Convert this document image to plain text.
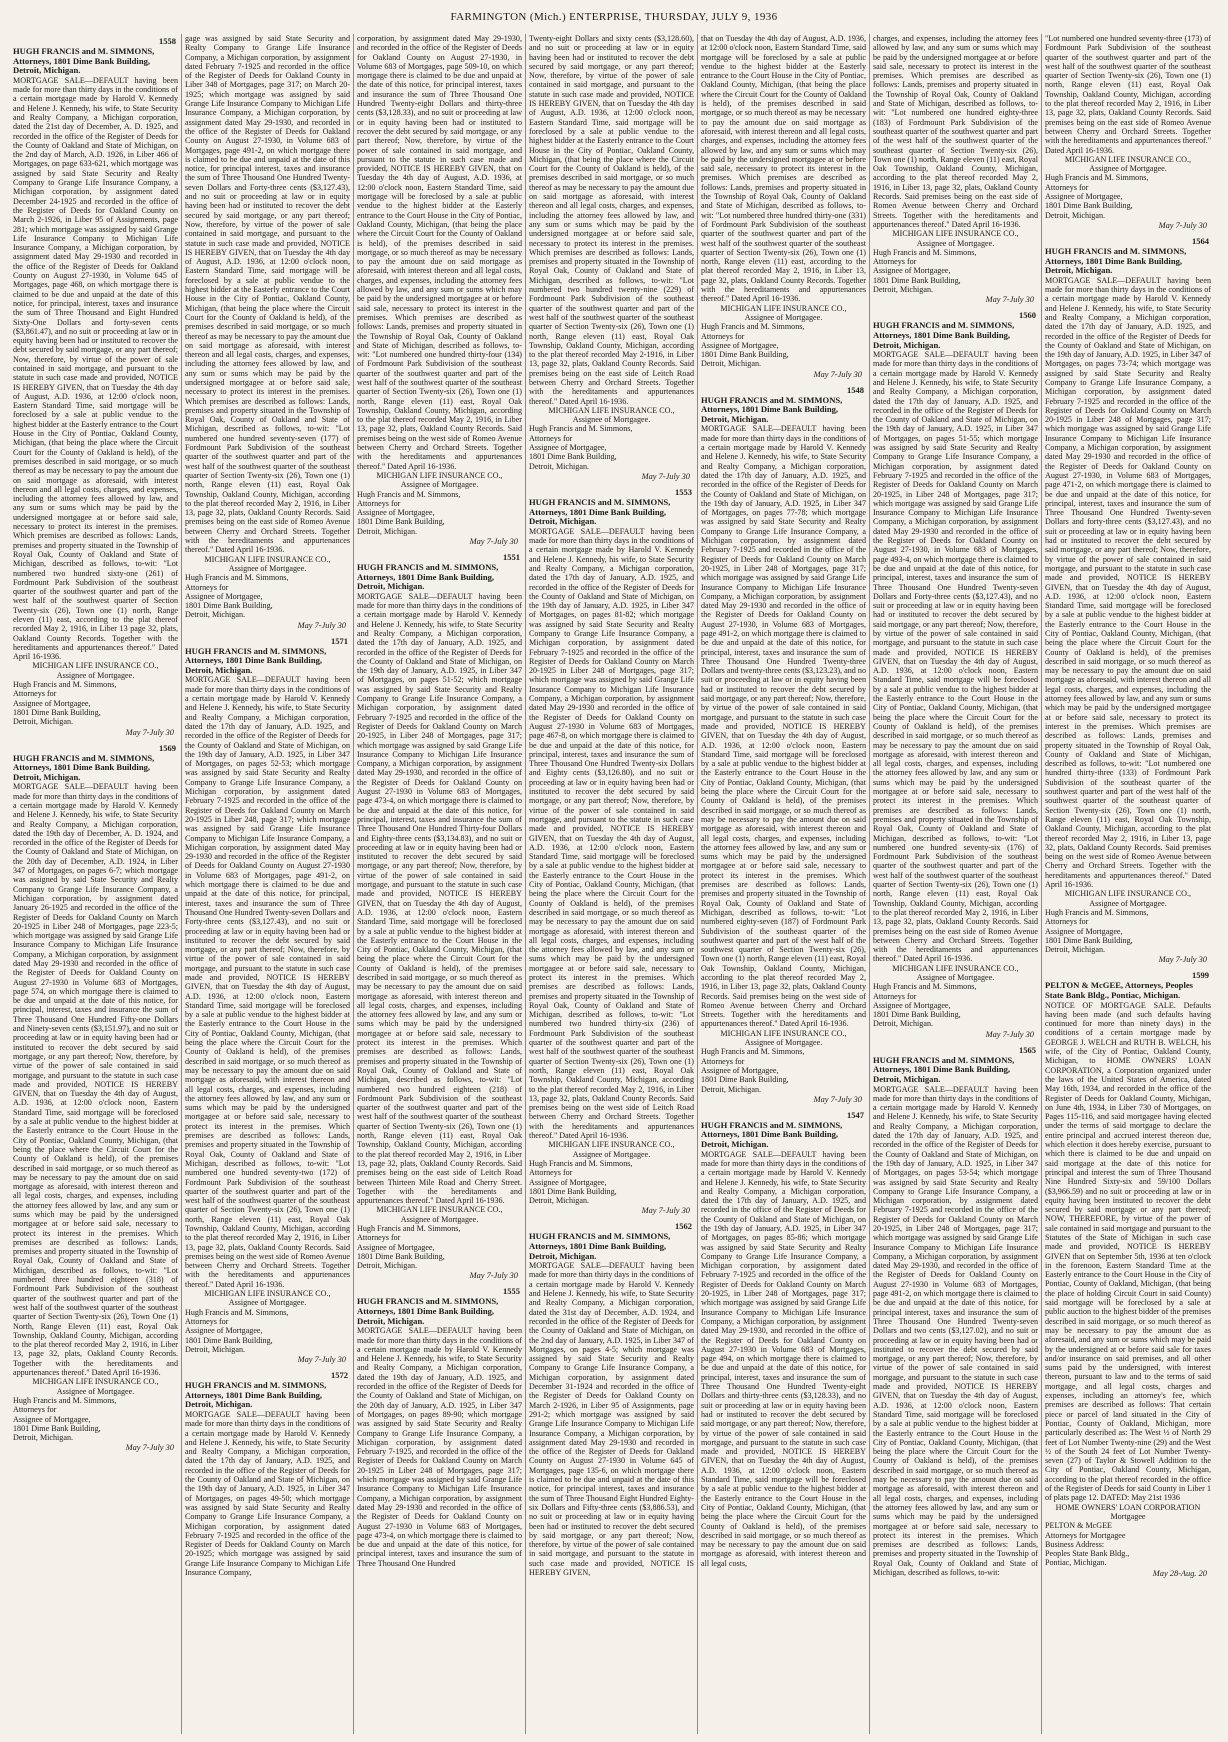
FARMINGTON (Mich.) ENTERPRISE, THURSDAY, JULY 9, 1936
1558

HUGH FRANCIS and M. SIMMONS, Attorneys, 1801 Dime Bank Building, Detroit, Michigan.

MORTGAGE SALE—DEFAULT having been made for more than thirty days in the conditions of a certain mortgage made by Harold V. Kennedy and Helene J. Kennedy, his wife, to State Security and Realty Company, a Michigan corporation, dated the 21st day of December, A. D. 1925, and recorded in the office of the Register of Deeds for the County of Oakland and State of Michigan, on the 2nd day of March, A.D. 1926, in Liber 466 of Mortgages, on page 633-621, which mortgage was assigned by said State Security and Realty Company to Grange Life Insurance Company, a Michigan corporation, by assignment dated December 24-1925 and recorded in the office of the Register of Deeds for Oakland County on March 2-1926, in Liber 95 of Assignments, page 281; which mortgage was assigned by said Grange Life Insurance Company to Michigan Life Insurance Company, a Michigan corporation, by assignment dated May 29-1930 and recorded in the office of the Register of Deeds for Oakland County on August 27-1930, in Volume 645 of Mortgages, page 468, on which mortgage there is claimed to be due and unpaid at the date of this notice, for principal, interest, taxes and insurance the sum of Three Thousand and Eight Hundred Sixty-One Dollars and forty-seven cents ($3,861.47), and no suit or proceeding at law or in equity having been had or instituted to recover the debt secured by said mortgage, or any part thereof; Now, therefore, by virtue of the power of sale contained in said mortgage, and pursuant to the statute in such case made and provided, NOTICE IS HEREBY GIVEN, that on Tuesday the 4th day of August, A.D. 1936, at 12:00 o'clock noon, Eastern Standard Time, said mortgage will be foreclosed by a sale at public vendue to the highest bidder at the Easterly entrance to the Court House in the City of Pontiac, Oakland County, Michigan, (that being the place where the Circuit Court for the County of Oakland is held), of the premises described in said mortgage, or so much thereof as may be necessary to pay the amount due on said mortgage as aforesaid, with interest thereon and all legal costs, charges, and expenses, including the attorney fees allowed by law, and any sum or sums which may be paid by the undersigned mortgagee at or before said sale, necessary to protect its interest in the premises. Which premises are described as follows: Lands, premises and property situated in the Township of Royal Oak, County of Oakland and State of Michigan, described as follows, to-wit: "Lot numbered two hundred sixty-one (261) of Fordmount Park Subdivision of the southeast quarter of the southwest quarter and part of the west half of the southwest quarter of Section Twenty-six (26), Town one (1) north, Range eleven (11) east, according to the plat thereof recorded May 2, 1916, in Liber 13 page 32, plats, Oakland County Records. Together with the hereditaments and appurtenances thereof." Dated April 16-1936.

MICHIGAN LIFE INSURANCE CO.,

Assignee of Mortgagee.

Hugh Francis and M. Simmons,

Attorneys for

Assignee of Mortgagee,

1801 Dime Bank Building,

Detroit, Michigan.

May 7-July 30
1569

HUGH FRANCIS and M. SIMMONS, Attorneys, 1801 Dime Bank Building, Detroit, Michigan.

MORTGAGE SALE—DEFAULT having been made for more than thirty days in the conditions of a certain mortgage made by Harold V. Kennedy and Helene J. Kennedy, his wife, to State Security and Realty Company, a Michigan corporation, dated the 19th day of December, A. D. 1924, and recorded in the office of the Register of Deeds for the County of Oakland and State of Michigan, on the 20th day of December, A.D. 1924, in Liber 347 of Mortgages, on pages 6-7; which mortgage was assigned by said State Security and Realty Company to Grange Life Insurance Company, a Michigan corporation, by assignment dated January 26-1925 and recorded in the office of the Register of Deeds for Oakland County on March 20-1925 in Liber 248 of Mortgages, page 223-5; which mortgage was assigned by said Grange Life Insurance Company to Michigan Life Insurance Company, a Michigan corporation, by assignment dated May 29-1930 and recorded in the office of the Register of Deeds for Oakland County on August 27-1930 in Volume 683 of Mortgages, page 574, on which mortgage there is claimed to be due and unpaid at the date of this notice, for principal, interest, taxes and insurance the sum of Three Thousand One Hundred Fifty-one Dollars and Ninety-seven cents ($3,151.97), and no suit or proceeding at law or in equity having been had or instituted to recover the debt secured by said mortgage, or any part thereof; Now, therefore, by virtue of the power of sale contained in said mortgage, and pursuant to the statute in such case made and provided, NOTICE IS HEREBY GIVEN, that on Tuesday the 4th day of August, A.D. 1936, at 12:00 o'clock noon, Eastern Standard Time, said mortgage will be foreclosed by a sale at public vendue to the highest bidder at the Easterly entrance to the Court House in the City of Pontiac, Oakland County, Michigan, (that being the place where the Circuit Court for the County of Oakland is held), of the premises described in said mortgage, or so much thereof as may be necessary to pay the amount due on said mortgage as aforesaid, with interest thereon and all legal costs, charges, and expenses, including the attorney fees allowed by law, and any sum or sums which may be paid by the undersigned mortgagee at or before said sale, necessary to protect its interest in the premises. Which premises are described as follows: Lands, premises and property situated in the Township of Royal Oak, County of Oakland and State of Michigan, described as follows, to-wit: "Lot numbered three hundred eighteen (318) of Fordmount Park Subdivision of the southeast quarter of the southwest quarter and part of the west half of the southwest quarter of the southeast quarter of Section Twenty-six (26), Town One (1) North, Range Eleven (11) east, Royal Oak Township, Oakland County, Michigan, according to the plat thereof recorded May 2, 1916, in Liber 13, page 32, plats, Oakland County Records. Together with the hereditaments and appurtenances thereof." Dated April 16-1936.

MICHIGAN LIFE INSURANCE CO.,

Assignee of Mortgagee.

Hugh Francis and M. Simmons,

Attorneys for

Assignee of Mortgagee,

1801 Dime Bank Building,

Detroit, Michigan.

May 7-July 30

gage was assigned by said State Security and Realty Company to Grange Life Insurance Company, a Michigan corporation, by assignment dated February 7-1925 and recorded in the office of the Register of Deeds for Oakland County in Liber 348 of Mortgages, page 317; on March 20-1925; which mortgage was assigned by said Grange Life Insurance Company to Michigan Life Insurance Company, a Michigan corporation, by assignment dated May 29-1930, and recorded in the office of the Register of Deeds for Oakland County on August 27-1930, in Volume 683 of Mortgages, page 491-2, on which mortgage there is claimed to be due and unpaid at the date of this notice, for principal interest, taxes and insurance the sum of Three Thousand One Hundred Twenty-seven Dollars and Forty-three cents ($3,127.43), and no suit or proceeding at law or in equity having been had or instituted to recover the debt secured by said mortgage, or any part thereof; Now, therefore, by virtue of the power of sale contained in said mortgage, and pursuant to the statute in such case made and provided, NOTICE IS HEREBY GIVEN, that on Tuesday the 4th day of August, A.D. 1936, at 12:00 o'clock noon, Eastern Standard Time, said mortgage will be foreclosed by a sale at public vendue to the highest bidder at the Easterly entrance to the Court House in the City of Pontiac, Oakland County, Michigan, (that being the place where the Circuit Court for the County of Oakland is held), of the premises described in said mortgage, or so much thereof as may be necessary to pay the amount due on said mortgage as aforesaid, with interest thereon and all legal costs, charges, and expenses, including the attorney fees allowed by law, and any sum or sums which may be paid by the undersigned mortgagee at or before said sale, necessary to protect its interest in the premises. Which premises are described as follows: Lands, premises and property situated in the Township of Royal Oak, County of Oakland and State of Michigan, described as follows, to-wit: "Lot numbered one hundred seventy-seven (177) of Fordmount Park Subdivision of the southeast quarter of the southwest quarter and part of the west half of the southwest quarter of the southeast quarter of Section Twenty-six (26), Town one (1) north, Range eleven (11) east, Royal Oak Township, Oakland County, Michigan, according to the plat thereof recorded May 2, 1916, in Liber 13, page 32, plats, Oakland County Records. Said premises being on the east side of Romeo Avenue between Cherry and Orchard Streets. Together with the hereditaments and appurtenances thereof." Dated April 16-1936.

MICHIGAN LIFE INSURANCE CO.,

Assignee of Mortgagee.

Hugh Francis and M. Simmons,

Attorneys for

Assignee of Mortgagee,

1801 Dime Bank Building,

Detroit, Michigan.

May 7-July 30
1571

HUGH FRANCIS and M. SIMMONS, Attorneys, 1801 Dime Bank Building, Detroit, Michigan.

MORTGAGE SALE—DEFAULT having been made for more than thirty days in the conditions of a certain mortgage made by Harold V. Kennedy and Helene J. Kennedy, his wife, to State Security and Realty Company, a Michigan corporation, dated the 17th day of January, A.D. 1925, and recorded in the office of the Register of Deeds for the County of Oakland and State of Michigan, on the 19th day of January, A.D. 1925, in Liber 347 of Mortgages, on pages 52-53; which mortgage was assigned by said State Security and Realty Company to Grange Life Insurance Company, a Michigan corporation, by assignment dated February 7-1925 and recorded in the office of the Register of Deeds for Oakland County on March 20-1925 in Liber 248, page 317; which mortgage was assigned by said Grange Life Insurance Company to Michigan Life Insurance Company, a Michigan corporation, by assignment dated May 29-1930 and recorded in the office of the Register of Deeds for Oakland County on August 27-1930 in Volume 683 of Mortgages, page 491-2, on which mortgage there is claimed to be due and unpaid at the date of this notice, for principal, interest, taxes and insurance the sum of Three Thousand One Hundred Twenty-seven Dollars and Forty-three cents ($3,127.43), and no suit or proceeding at law or in equity having been had or instituted to recover the debt secured by said mortgage, or any part thereof; Now, therefore, by virtue of the power of sale contained in said mortgage, and pursuant to the statute in such case made and provided, NOTICE IS HEREBY GIVEN, that on Tuesday the 4th day of August, A.D. 1936, at 12:00 o'clock noon, Eastern Standard Time, said mortgage will be foreclosed by a sale at public vendue to the highest bidder at the Easterly entrance to the Court House in the City of Pontiac, Oakland County, Michigan, (that being the place where the Circuit Court for the County of Oakland is held), of the premises described in said mortgage, or so much thereof as may be necessary to pay the amount due on said mortgage as aforesaid, with interest thereon and all legal costs, charges, and expenses, including the attorney fees allowed by law, and any sum or sums which may be paid by the undersigned mortgagee at or before said sale, necessary to protect its interest in the premises. Which premises are described as follows: Lands, premises and property situated in the Township of Royal Oak, County of Oakland and State of Michigan, described as follows, to-wit: "Lot numbered one hundred seventy-two (172) of Fordmount Park Subdivision of the southeast quarter of the southwest quarter and part of the west half of the southwest quarter of the southeast quarter of Section Twenty-six (26), Town one (1) north, Range eleven (11) east, Royal Oak Township, Oakland County, Michigan, according to the plat thereof recorded May 2, 1916, in Liber 13, page 32, plats, Oakland County Records. Said premises being on the west side of Romeo Avenue between Cherry and Orchard Streets. Together with the hereditaments and appurtenances thereof." Dated April 16-1936.

MICHIGAN LIFE INSURANCE CO.,

Assignee of Mortgagee.

Hugh Francis and M. Simmons,

Attorneys for

Assignee of Mortgagee,

1801 Dime Bank Building,

Detroit, Michigan.

May 7-July 30
1572

HUGH FRANCIS and M. SIMMONS, Attorneys, 1801 Dime Bank Building, Detroit, Michigan.

MORTGAGE SALE—DEFAULT having been made for more than thirty days in the conditions of a certain mortgage made by Harold V. Kennedy and Helene J. Kennedy, his wife, to State Security and Realty Company, a Michigan corporation, dated the 17th day of January, A.D. 1925, and recorded in the office of the Register of Deeds for the County of Oakland and State of Michigan, on the 19th day of January, A.D. 1925, in Liber 347 of Mortgages, on pages 49-50; which mortgage was assigned by said State Security and Realty Company to Grange Life Insurance Company, a Michigan corporation, by assignment dated February 7-1925 and recorded in the office of the Register of Deeds for Oakland County on March 20-1925; which mortgage was assigned by said Grange Life Insurance Company to Michigan Life Insurance Company,

corporation, by assignment dated May 29-1930, and recorded in the office of the Register of Deeds for Oakland County on August 27-1930, in Volume 683 of Mortgages, page 509-10, on which mortgage there is claimed to be due and unpaid at the date of this notice, for principal interest, taxes and insurance the sum of Three Thousand One Hundred Twenty-eight Dollars and thirty-three cents ($3,128.33), and no suit or proceeding at law or in equity having been had or instituted to recover the debt secured by said mortgage, or any part thereof; Now, therefore, by virtue of the power of sale contained in said mortgage, and pursuant to the statute in such case made and provided, NOTICE IS HEREBY GIVEN, that on Tuesday the 4th day of August, A.D. 1936, at 12:00 o'clock noon, Eastern Standard Time, said mortgage will be foreclosed by a sale at public vendue to the highest bidder at the Easterly entrance to the Court House in the City of Pontiac, Oakland County, Michigan, (that being the place where the Circuit Court for the County of Oakland is held), of the premises described in said mortgage, or so much thereof as may be necessary to pay the amount due on said mortgage as aforesaid, with interest thereon and all legal costs, charges, and expenses, including the attorney fees allowed by law, and any sum or sums which may be paid by the undersigned mortgagee at or before said sale, necessary to protect its interest in the premises. Which premises are described as follows: Lands, premises and property situated in the Township of Royal Oak, County of Oakland and State of Michigan, described as follows, to-wit: "Lot numbered one hundred thirty-four (134) of Fordmount Park Subdivision of the southeast quarter of the southwest quarter and part of the west half of the southwest quarter of the southeast quarter of Section Twenty-six (26), Town one (1) north, Range eleven (11) east, Royal Oak Township, Oakland County, Michigan, according to the plat thereof recorded May 2, 1916, in Liber 13, page 32, plats, Oakland County Records. Said premises being on the west side of Romeo Avenue between Cherry and Orchard Streets. Together with the hereditaments and appurtenances thereof." Dated April 16-1936.

MICHIGAN LIFE INSURANCE CO.,

Assignee of Mortgagee.

Hugh Francis and M. Simmons,

Attorneys for

Assignee of Mortgagee,

1801 Dime Bank Building,

Detroit, Michigan.

May 7-July 30
1551

HUGH FRANCIS and M. SIMMONS, Attorneys, 1801 Dime Bank Building, Detroit, Michigan.

MORTGAGE SALE—DEFAULT having been made for more than thirty days in the conditions of a certain mortgage made by Harold V. Kennedy and Helene J. Kennedy, his wife, to State Security and Realty Company, a Michigan corporation, dated the 17th day of January, A.D. 1925, and recorded in the office of the Register of Deeds for the County of Oakland and State of Michigan, on the 19th day of January, A.D. 1925, in Liber 347 of Mortgages, on pages 51-52; which mortgage was assigned by said State Security and Realty Company to Grange Life Insurance Company, a Michigan corporation, by assignment dated February 7-1925 and recorded in the office of the Register of Deeds for Oakland County on March 20-1925, in Liber 248 of Mortgages, page 317; which mortgage was assigned by said Grange Life Insurance Company to Michigan Life Insurance Company, a Michigan corporation, by assignment dated May 29-1930, and recorded in the office of the Register of Deeds for Oakland County on August 27-1930 in Volume 683 of Mortgages, page 473-4, on which mortgage there is claimed to be due and unpaid at the date of this notice, for principal, interest, taxes and insurance the sum of Three Thousand One Hundred Thirty-four Dollars and Eighty-three cents ($3,134.83), and no suit or proceeding at law or in equity having been had or instituted to recover the debt secured by said mortgage, or any part thereof; Now, therefore, by virtue of the power of sale contained in said mortgage, and pursuant to the statute in such case made and provided, NOTICE IS HEREBY GIVEN, that on Tuesday the 4th day of August, A.D. 1936, at 12:00 o'clock noon, Eastern Standard Time, said mortgage will be foreclosed by a sale at public vendue to the highest bidder at the Easterly entrance to the Court House in the City of Pontiac, Oakland County, Michigan, (that being the place where the Circuit Court for the County of Oakland is held), of the premises described in said mortgage, or so much thereof as may be necessary to pay the amount due on said mortgage as aforesaid, with interest thereon and all legal costs, charges, and expenses, including the attorney fees allowed by law, and any sum or sums which may be paid by the undersigned mortgagee at or before said sale, necessary to protect its interest in the premises. Which premises are described as follows: Lands, premises and property situated in the Township of Royal Oak, County of Oakland and State of Michigan, described as follows, to-wit: "Lot numbered two hundred eighteen (218) of Fordmount Park Subdivision of the southeast quarter of the southwest quarter and part of the west half of the southwest quarter of the southeast quarter of Section Twenty-six (26), Town one (1) north, Range eleven (11) east, Royal Oak Township, Oakland County, Michigan, according to the plat thereof recorded May 2, 1916, in Liber 13, page 32, plats, Oakland County Records. Said premises being on the east side of Leitch Road between Thirteen Mile Road and Cherry Street. Together with the hereditaments and appurtenances thereof." Dated April 16-1936.

MICHIGAN LIFE INSURANCE CO.,

Assignee of Mortgagee.

Hugh Francis and M. Simmons,

Attorneys for

Assignee of Mortgagee,

1801 Dime Bank Building,

Detroit, Michigan.

May 7-July 30
1555

HUGH FRANCIS and M. SIMMONS, Attorneys, 1801 Dime Bank Building, Detroit, Michigan.

MORTGAGE SALE—DEFAULT having been made for more than thirty days in the conditions of a certain mortgage made by Harold V. Kennedy and Helene J. Kennedy, his wife, to State Security and Realty Company, a Michigan corporation, dated the 19th day of January, A.D. 1925, and recorded in the office of the Register of Deeds for the County of Oakland and State of Michigan, on the 20th day of January, A.D. 1925, in Liber 347 of Mortgages, on pages 89-90; which mortgage was assigned by said State Security and Realty Company to Grange Life Insurance Company, a Michigan corporation, by assignment dated February 7-1925, and recorded in the office of the Register of Deeds for Oakland County on March 20-1925 in Liber 248 of Mortgages, page 317; which mortgage was assigned by said Grange Life Insurance Company to Michigan Life Insurance Company, a Michigan corporation, by assignment dated May 29-1930 and recorded in the office of the Register of Deeds for Oakland County on August 27-1930 in Volume 683 of Mortgages, page 473-4, on which mortgage there is claimed to be due and unpaid at the date of this notice, for principal interest, taxes and insurance the sum of Three Thousand One Hundred

Twenty-eight Dollars and sixty cents ($3,128.60), and no suit or proceeding at law or in equity having been had or instituted to recover the debt secured by said mortgage, or any part thereof; Now, therefore, by virtue of the power of sale contained in said mortgage, and pursuant to the statute in such case made and provided, NOTICE IS HEREBY GIVEN, that on Tuesday the 4th day of August, A.D. 1936, at 12:00 o'clock noon, Eastern Standard Time, said mortgage will be foreclosed by a sale at public vendue to the highest bidder at the Easterly entrance to the Court House in the City of Pontiac, Oakland County, Michigan, (that being the place where the Circuit Court for the County of Oakland is held), of the premises described in said mortgage, or so much thereof as may be necessary to pay the amount due on said mortgage as aforesaid, with interest thereon and all legal costs, charges, and expenses, including the attorney fees allowed by law, and any sum or sums which may be paid by the undersigned mortgagee at or before said sale, necessary to protect its interest in the premises. Which premises are described as follows: Lands, premises and property situated in the Township of Royal Oak, County of Oakland and State of Michigan, described as follows, to-wit: "Lot numbered two hundred twenty-nine (229) of Fordmount Park Subdivision of the southeast quarter of the southwest quarter and part of the west half of the southwest quarter of the southeast quarter of Section Twenty-six (26), Town one (1) north, Range eleven (11) east, Royal Oak Township, Oakland County, Michigan, according to the plat thereof recorded May 2-1916, in Liber 13, page 32, plats, Oakland County Records. Said premises being on the east side of Leitch Road between Cherry and Orchard Streets. Together with the hereditaments and appurtenances thereof." Dated April 16-1936.

MICHIGAN LIFE INSURANCE CO.,

Assignee of Mortgagee.

Hugh Francis and M. Simmons,

Attorneys for

Assignee of Mortgagee,

1801 Dime Bank Building,

Detroit, Michigan.

May 7-July 30
1553

HUGH FRANCIS and M. SIMMONS, Attorneys, 1801 Dime Bank Building, Detroit, Michigan.

MORTGAGE SALE—DEFAULT having been made for more than thirty days in the conditions of a certain mortgage made by Harold V. Kennedy and Helene J. Kennedy, his wife, to State Security and Realty Company, a Michigan corporation, dated the 17th day of January, A.D. 1925, and recorded in the office of the Register of Deeds for the County of Oakland and State of Michigan, on the 19th day of January, A.D. 1925, in Liber 347 of Mortgages, on pages 81-82; which mortgage was assigned by said State Security and Realty Company to Grange Life Insurance Company, a Michigan corporation, by assignment dated February 7-1925 and recorded in the office of the Register of Deeds for Oakland County on March 20-1925 in Liber 248 of Mortgages, page 317; which mortgage was assigned by said Grange Life Insurance Company to Michigan Life Insurance Company, a Michigan corporation, by assignment dated May 29-1930 and recorded in the office of the Register of Deeds for Oakland County on August 27-1930 in Volume 683 of Mortgages, page 467-8, on which mortgage there is claimed to be due and unpaid at the date of this notice, for principal, interest, taxes and insurance the sum of Three Thousand One Hundred Twenty-six Dollars and Eighty cents ($3,126.80), and no suit or proceeding at law or in equity having been had or instituted to recover the debt secured by said mortgage, or any part thereof; Now, therefore, by virtue of the power of sale contained in said mortgage, and pursuant to the statute in such case made and provided, NOTICE IS HEREBY GIVEN, that on Tuesday the 4th day of August, A.D. 1936, at 12:00 o'clock noon, Eastern Standard Time, said mortgage will be foreclosed by a sale at public vendue to the highest bidder at the Easterly entrance to the Court House in the City of Pontiac, Oakland County, Michigan, (that being the place where the Circuit Court for the County of Oakland is held), of the premises described in said mortgage, or so much thereof as may be necessary to pay the amount due on said mortgage as aforesaid, with interest thereon and all legal costs, charges, and expenses, including the attorney fees allowed by law, and any sum or sums which may be paid by the undersigned mortgagee at or before said sale, necessary to protect its interest in the premises. Which premises are described as follows: Lands, premises and property situated in the Township of Royal Oak, County of Oakland and State of Michigan, described as follows, to-wit: "Lot numbered two hundred thirty-six (236) of Fordmount Park Subdivision of the southeast quarter of the southwest quarter and part of the west half of the southwest quarter of the southeast quarter of Section Twenty-six (26), Town one (1) north, Range eleven (11) east, Royal Oak Township, Oakland County, Michigan, according to the plat thereof recorded May 2, 1916, in Liber 13, page 32, plats, Oakland County Records. Said premises being on the west side of Leitch Road between Cherry and Orchard Streets. Together with the hereditaments and appurtenances thereof." Dated April 16-1936.

MICHIGAN LIFE INSURANCE CO.,

Assignee of Mortgagee.

Hugh Francis and M. Simmons,

Attorneys for

Assignee of Mortgagee,

1801 Dime Bank Building,

Detroit, Michigan.

May 7-July 30
1562

HUGH FRANCIS and M. SIMMONS, Attorneys, 1801 Dime Bank Building, Detroit, Michigan.

MORTGAGE SALE—DEFAULT having been made for more than thirty days in the conditions of a certain mortgage made by Harold V. Kennedy and Helene J. Kennedy, his wife, to State Security and Realty Company, a Michigan corporation, dated the 31st day of December, A.D. 1924, and recorded in the office of the Register of Deeds for the County of Oakland and State of Michigan, on the 2nd day of January, A.D. 1925, in Liber 347 of Mortgages, on pages 4-5; which mortgage was assigned by said State Security and Realty Company to Grange Life Insurance Company, a Michigan corporation, by assignment dated December 31-1924 and recorded in the office of the Register of Deeds for Oakland County on March 2-1926, in Liber 95 of Assignments, page 291-2; which mortgage was assigned by said Grange Life Insurance Company to Michigan Life Insurance Company, a Michigan corporation, by assignment dated May 29-1930 and recorded in the office of the Register of Deeds for Oakland County on August 27-1930 in Volume 645 of Mortgages, page 135-6, on which mortgage there is claimed to be due and unpaid at the date of this notice, for principal interest, taxes and insurance the sum of Three Thousand Eight Hundred Eighty-six Dollars and Fifty-three cents ($3,886.53), and no suit or proceeding at law or in equity having been had or instituted to recover the debt secured by said mortgage, or any part thereof; Now, therefore, by virtue of the power of sale contained in said mortgage, and pursuant to the statute in such case made and provided, NOTICE IS HEREBY GIVEN,

that on Tuesday the 4th day of August, A.D. 1936, at 12:00 o'clock noon, Eastern Standard Time, said mortgage will be foreclosed by a sale at public vendue to the highest bidder at the Easterly entrance to the Court House in the City of Pontiac, Oakland County, Michigan, (that being the place where the Circuit Court for the County of Oakland is held), of the premises described in said mortgage, or so much thereof as may be necessary to pay the amount due on said mortgage as aforesaid, with interest thereon and all legal costs, charges, and expenses, including the attorney fees allowed by law, and any sum or sums which may be paid by the undersigned mortgagee at or before said sale, necessary to protect its interest in the premises. Which premises are described as follows: Lands, premises and property situated in the Township of Royal Oak, County of Oakland and State of Michigan, described as follows, to-wit: "Lot numbered three hundred thirty-one (331) of Fordmount Park Subdivision of the southeast quarter of the southwest quarter and part of the west half of the southwest quarter of the southeast quarter of Section Twenty-six (26), Town one (1) north, Range eleven (11) east, according to the plat thereof recorded May 2, 1916, in Liber 13, page 32, plats, Oakland County Records. Together with the hereditaments and appurtenances thereof." Dated April 16-1936.

MICHIGAN LIFE INSURANCE CO.,

Assignee of Mortgagee.

Hugh Francis and M. Simmons,

Attorneys for

Assignee of Mortgagee,

1801 Dime Bank Building,

Detroit, Michigan.

May 7-July 30
1548

HUGH FRANCIS and M. SIMMONS, Attorneys, 1801 Dime Bank Building, Detroit, Michigan.

MORTGAGE SALE—DEFAULT having been made for more than thirty days in the conditions of a certain mortgage made by Harold V. Kennedy and Helene J. Kennedy, his wife, to State Security and Realty Company, a Michigan corporation, dated the 17th day of January, A.D. 1925, and recorded in the office of the Register of Deeds for the County of Oakland and State of Michigan, on the 19th day of January, A.D. 1925, in Liber 347 of Mortgages, on pages 77-78; which mortgage was assigned by said State Security and Realty Company to Grange Life Insurance Company, a Michigan corporation, by assignment dated February 7-1925 and recorded in the office of the Register of Deeds for Oakland County on March 20-1925, in Liber 248 of Mortgages, page 317; which mortgage was assigned by said Grange Life Insurance Company to Michigan Life Insurance Company, a Michigan corporation, by assignment dated May 29-1930 and recorded in the office of the Register of Deeds for Oakland County on August 27-1930, in Volume 683 of Mortgages, page 491-2, on which mortgage there is claimed to be due and unpaid at the date of this notice, for principal, interest, taxes and insurance the sum of Three Thousand One Hundred Twenty-three Dollars and twenty-three cents ($3,123.23), and no suit or proceeding at law or in equity having been had or instituted to recover the debt secured by said mortgage, or any part thereof; Now, therefore, by virtue of the power of sale contained in said mortgage, and pursuant to the statute in such case made and provided, NOTICE IS HEREBY GIVEN, that on Tuesday the 4th day of August, A.D. 1936, at 12:00 o'clock noon, Eastern Standard Time, said mortgage will be foreclosed by a sale at public vendue to the highest bidder at the Easterly entrance to the Court House in the City of Pontiac, Oakland County, Michigan, (that being the place where the Circuit Court for the County of Oakland is held), of the premises described in said mortgage, or so much thereof as may be necessary to pay the amount due on said mortgage as aforesaid, with interest thereon and all legal costs, charges, and expenses, including the attorney fees allowed by law, and any sum or sums which may be paid by the undersigned mortgagee at or before said sale, necessary to protect its interest in the premises. Which premises are described as follows: Lands, premises and property situated in the Township of Royal Oak, County of Oakland and State of Michigan, described as follows, to-wit: "Lot numbered eighty-seven (187) of Fordmount Park Subdivision of the southeast quarter of the southwest quarter and part of the west half of the southwest quarter of Section Twenty-six (26), Town one (1) north, Range eleven (11) east, Royal Oak Township, Oakland County, Michigan, according to the plat thereof recorded May 2, 1916, in Liber 13, page 32, plats, Oakland County Records. Said premises being on the west side of Romeo Avenue between Cherry and Orchard Streets. Together with the hereditaments and appurtenances thereof." Dated April 16-1936.

MICHIGAN LIFE INSURANCE CO.,

Assignee of Mortgagee.

Hugh Francis and M. Simmons,

Attorneys for

Assignee of Mortgagee,

1801 Dime Bank Building,

Detroit, Michigan.

May 7-July 30
1547

HUGH FRANCIS and M. SIMMONS, Attorneys, 1801 Dime Bank Building, Detroit, Michigan.

MORTGAGE SALE—DEFAULT having been made for more than thirty days in the conditions of a certain mortgage made by Harold V. Kennedy and Helene J. Kennedy, his wife, to State Security and Realty Company, a Michigan corporation, dated the 17th day of January, A.D. 1925, and recorded in the office of the Register of Deeds for the County of Oakland and State of Michigan, on the 19th day of January, A.D. 1925, in Liber 347 of Mortgages, on pages 85-86; which mortgage was assigned by said State Security and Realty Company to Grange Life Insurance Company, a Michigan corporation, by assignment dated February 7-1925 and recorded in the office of the Register of Deeds for Oakland County on March 20-1925, in Liber 248 of Mortgages, page 317; which mortgage was assigned by said Grange Life Insurance Company to Michigan Life Insurance Company, a Michigan corporation, by assignment dated May 29-1930, and recorded in the office of the Register of Deeds for Oakland County on August 27-1930 in Volume 683 of Mortgages, page 494, on which mortgage there is claimed to be due and unpaid at the date of this notice, for principal, interest, taxes and insurance the sum of Three Thousand One Hundred Twenty-eight Dollars and thirty-three cents ($3,128.33), and no suit or proceeding at law or in equity having been had or instituted to recover the debt secured by said mortgage, or any part thereof; Now, therefore, by virtue of the power of sale contained in said mortgage, and pursuant to the statute in such case made and provided, NOTICE IS HEREBY GIVEN, that on Tuesday the 4th day of August, A.D. 1936, at 12:00 o'clock noon, Eastern Standard Time, said mortgage will be foreclosed by a sale at public vendue to the highest bidder at the Easterly entrance to the Court House in the City of Pontiac, Oakland County, Michigan, (that being the place where the Circuit Court for the County of Oakland is held), of the premises described in said mortgage, or so much thereof as may be necessary to pay the amount due on said mortgage as aforesaid, with interest thereon and all legal costs,

charges, and expenses, including the attorney fees allowed by law, and any sum or sums which may be paid by the undersigned mortgagee at or before said sale, necessary to protect its interest in the premises. Which premises are described as follows: Lands, premises and property situated in the Township of Royal Oak, County of Oakland and State of Michigan, described as follows, to-wit: "Lot numbered one hundred eighty-three (183) of Fordmount Park Subdivision of the southeast quarter of the southwest quarter and part of the west half of the southwest quarter of the southeast quarter of Section Twenty-six (26), Town one (1) north, Range eleven (11) east, Royal Oak Township, Oakland County, Michigan, according to the plat thereof recorded May 2, 1916, in Liber 13, page 32, plats, Oakland County Records. Said premises being on the east side of Romeo Avenue between Cherry and Orchard Streets. Together with the hereditaments and appurtenances thereof." Dated April 16-1936.

MICHIGAN LIFE INSURANCE CO.,

Assignee of Mortgagee.

Hugh Francis and M. Simmons,

Attorneys for

Assignee of Mortgagee,

1801 Dime Bank Building,

Detroit, Michigan.

May 7-July 30
1560

HUGH FRANCIS and M. SIMMONS, Attorneys, 1801 Dime Bank Building, Detroit, Michigan.

MORTGAGE SALE—DEFAULT having been made for more than thirty days in the conditions of a certain mortgage made by Harold V. Kennedy and Helene J. Kennedy, his wife, to State Security and Realty Company, a Michigan corporation, dated the 17th day of January, A.D. 1925, and recorded in the office of the Register of Deeds for the County of Oakland and State of Michigan, on the 19th day of January, A.D. 1925, in Liber 347 of Mortgages, on pages 51-55; which mortgage was assigned by said State Security and Realty Company to Grange Life Insurance Company, a Michigan corporation, by assignment dated February 7-1925 and recorded in the office of the Register of Deeds for Oakland County on March 20-1925, in Liber 248 of Mortgages, page 317; which mortgage was assigned by said Grange Life Insurance Company to Michigan Life Insurance Company, a Michigan corporation, by assignment dated May 29-1930 and recorded in the office of the Register of Deeds for Oakland County on August 27-1930, in Volume 683 of Mortgages, page 493-4, on which mortgage there is claimed to be due and unpaid at the date of this notice, for principal, interest, taxes and insurance the sum of Three Thousand One Hundred Twenty-seven Dollars and Forty-three cents ($3,127.43), and no suit or proceeding at law or in equity having been had or instituted to recover the debt secured by said mortgage, or any part thereof; Now, therefore, by virtue of the power of sale contained in said mortgage, and pursuant to the statute in such case made and provided, NOTICE IS HEREBY GIVEN, that on Tuesday the 4th day of August, A.D. 1936, at 12:00 o'clock noon, Eastern Standard Time, said mortgage will be foreclosed by a sale at public vendue to the highest bidder at the Easterly entrance to the Court House in the City of Pontiac, Oakland County, Michigan, (that being the place where the Circuit Court for the County of Oakland is held), of the premises described in said mortgage, or so much thereof as may be necessary to pay the amount due on said mortgage as aforesaid, with interest thereon and all legal costs, charges, and expenses, including the attorney fees allowed by law, and any sum or sums which may be paid by the undersigned mortgagee at or before said sale, necessary to protect its interest in the premises. Which premises are described as follows: Lands, premises and property situated in the Township of Royal Oak, County of Oakland and State of Michigan, described as follows, to-wit: "Lot numbered one hundred seventy-six (176) of Fordmount Park Subdivision of the southeast quarter of the southwest quarter and part of the west half of the southwest quarter of the southeast quarter of Section Twenty-six (26), Town one (1) north, Range eleven (11) east, Royal Oak Township, Oakland County, Michigan, according to the plat thereof recorded May 2, 1916, in Liber 13, page 32, plats, Oakland County Records. Said premises being on the east side of Romeo Avenue between Cherry and Orchard Streets. Together with the hereditaments and appurtenances thereof." Dated April 16-1936.

MICHIGAN LIFE INSURANCE CO.,

Assignee of Mortgagee.

Hugh Francis and M. Simmons,

Attorneys for

Assignee of Mortgagee,

1801 Dime Bank Building,

Detroit, Michigan.

May 7-July 30
1565

HUGH FRANCIS and M. SIMMONS, Attorneys, 1801 Dime Bank Building, Detroit, Michigan.

MORTGAGE SALE—DEFAULT having been made for more than thirty days in the conditions of a certain mortgage made by Harold V. Kennedy and Helene J. Kennedy, his wife, to State Security and Realty Company, a Michigan corporation, dated the 17th day of January, A.D. 1925, and recorded in the office of the Register of Deeds for the County of Oakland and State of Michigan, on the 19th day of January, A.D. 1925, in Liber 347 of Mortgages, on pages 53-54; which mortgage was assigned by said State Security and Realty Company to Grange Life Insurance Company, a Michigan corporation, by assignment dated February 7-1925 and recorded in the office of the Register of Deeds for Oakland County on March 20-1925, in Liber 248 of Mortgages, page 317; which mortgage was assigned by said Grange Life Insurance Company to Michigan Life Insurance Company, a Michigan corporation, by assignment dated May 29-1930, and recorded in the office of the Register of Deeds for Oakland County on August 27-1930 in Volume 683 of Mortgages, page 491-2, on which mortgage there is claimed to be due and unpaid at the date of this notice, for principal interest, taxes and insurance the sum of Three Thousand One Hundred Twenty-seven Dollars and two cents ($3,127.02), and no suit or proceeding at law or in equity having been had or instituted to recover the debt secured by said mortgage, or any part thereof; Now, therefore, by virtue of the power of sale contained in said mortgage, and pursuant to the statute in such case made and provided, NOTICE IS HEREBY GIVEN, that on Tuesday the 4th day of August, A.D. 1936, at 12:00 o'clock noon, Eastern Standard Time, said mortgage will be foreclosed by a sale at public vendue to the highest bidder at the Easterly entrance to the Court House in the City of Pontiac, Oakland County, Michigan, (that being the place where the Circuit Court for the County of Oakland is held), of the premises described in said mortgage, or so much thereof as may be necessary to pay the amount due on said mortgage as aforesaid, with interest thereon and all legal costs, charges, and expenses, including the attorney fees allowed by law, and any sum or sums which may be paid by the undersigned mortgagee at or before said sale, necessary to protect its interest in the premises. Which premises are described as follows: Lands, premises and property situated in the Township of Royal Oak, County of Oakland and State of Michigan, described as follows, to-wit:

"Lot numbered one hundred seventy-three (173) of Fordmount Park Subdivision of the southeast quarter of the southwest quarter and part of the west half of the southwest quarter of the southeast quarter of Section Twenty-six (26), Town one (1) north, Range eleven (11) east, Royal Oak Township, Oakland County, Michigan, according to the plat thereof recorded May 2, 1916, in Liber 13, page 32, plats, Oakland County Records. Said premises being on the east side of Romeo Avenue between Cherry and Orchard Streets. Together with the hereditaments and appurtenances thereof." Dated April 16-1936.

MICHIGAN LIFE INSURANCE CO.,

Assignee of Mortgagee.

Hugh Francis and M. Simmons,

Attorneys for

Assignee of Mortgagee,

1801 Dime Bank Building,

Detroit, Michigan.

May 7-July 30
1564

HUGH FRANCIS and M. SIMMONS, Attorneys, 1801 Dime Bank Building, Detroit, Michigan.

MORTGAGE SALE—DEFAULT having been made for more than thirty days in the conditions of a certain mortgage made by Harold V. Kennedy and Helene J. Kennedy, his wife, to State Security and Realty Company, a Michigan corporation, dated the 17th day of January, A.D. 1925, and recorded in the office of the Register of Deeds for the County of Oakland and State of Michigan, on the 19th day of January, A.D. 1925, in Liber 347 of Mortgages, on pages 73-74; which mortgage was assigned by said State Security and Realty Company to Grange Life Insurance Company, a Michigan corporation, by assignment dated February 7-1925 and recorded in the office of the Register of Deeds for Oakland County on March 20-1925 in Liber 248 of Mortgages, page 317; which mortgage was assigned by said Grange Life Insurance Company to Michigan Life Insurance Company, a Michigan corporation, by assignment dated May 29-1930 and recorded in the office of the Register of Deeds for Oakland County on August 27-1930, in Volume 683 of Mortgages, page 471-2, on which mortgage there is claimed to be due and unpaid at the date of this notice, for principal, interest, taxes and insurance the sum of Three Thousand One Hundred Twenty-seven Dollars and forty-three cents ($3,127.43), and no suit or proceeding at law or in equity having been had or instituted to recover the debt secured by said mortgage, or any part thereof; Now, therefore, by virtue of the power of sale contained in said mortgage, and pursuant to the statute in such case made and provided, NOTICE IS HEREBY GIVEN, that on Tuesday the 4th day of August, A.D. 1936, at 12:00 o'clock noon, Eastern Standard Time, said mortgage will be foreclosed by a sale at public vendue to the highest bidder at the Easterly entrance to the Court House in the City of Pontiac, Oakland County, Michigan, (that being the place where the Circuit Court for the County of Oakland is held), of the premises described in said mortgage, or so much thereof as may be necessary to pay the amount due on said mortgage as aforesaid, with interest thereon and all legal costs, charges, and expenses, including the attorney fees allowed by law, and any sum or sums which may be paid by the undersigned mortgagee at or before said sale, necessary to protect its interest in the premises. Which premises are described as follows: Lands, premises and property situated in the Township of Royal Oak, County of Oakland and State of Michigan, described as follows, to-wit: "Lot numbered one hundred thirty-three (133) of Fordmount Park Subdivision of the southeast quarter of the southwest quarter and part of the west half of the southwest quarter of the southeast quarter of Section Twenty-six (26), Town one (1) north, Range eleven (11) east, Royal Oak Township, Oakland County, Michigan, according to the plat thereof recorded May 2, 1916, in Liber 13, page 32, plats, Oakland County Records. Said premises being on the west side of Romeo Avenue between Cherry and Orchard Streets. Together with the hereditaments and appurtenances thereof." Dated April 16-1936.

MICHIGAN LIFE INSURANCE CO.,

Assignee of Mortgagee.

Hugh Francis and M. Simmons,

Attorneys for

Assignee of Mortgagee,

1801 Dime Bank Building,

Detroit, Michigan.

May 7-July 30
1599

PELTON & McGEE, Attorneys, Peoples State Bank Bldg., Pontiac, Michigan.

NOTICE OF MORTGAGE SALE. Defaults having been made (and such defaults having continued for more than ninety days) in the conditions of a certain mortgage made by GEORGE J. WELCH and RUTH B. WELCH, his wife, of the City of Pontiac, Oakland County, Michigan, to HOME OWNERS' LOAN CORPORATION, a Corporation organized under the laws of the United States of America, dated May 16th, 1934, and recorded in the office of the Register of Deeds for Oakland County, Michigan, on June 4th, 1934, in Liber 730 of Mortgages, on Pages 115-116, and said mortgagee having elected under the terms of said mortgage to declare the entire principal and accrued interest thereon due, which election it does hereby exercise, pursuant to which there is claimed to be due and unpaid on said mortgage at the date of this notice for principal and interest the sum of Three Thousand Nine Hundred Sixty-six and 59/100 Dollars ($3,966.59) and no suit or proceeding at law or in equity having been instituted to recover the debt secured by said mortgage or any part thereof; NOW, THEREFORE, by virtue of the power of sale contained in said mortgage and pursuant to the Statutes of the State of Michigan in such case made and provided, NOTICE IS HEREBY GIVEN that on September 5th, 1936 at ten o'clock in the forenoon, Eastern Standard Time at the Easterly entrance to the Court House in the City of Pontiac, County of Oakland, Michigan, (that being the place of holding Circuit Court in said County) said mortgage will be foreclosed by a sale at public auction to the highest bidder of the premises described in said mortgage, or so much thereof as may be necessary to pay the amount due as aforesaid, and any sum or sums which may be paid by the undersigned at or before said sale for taxes and/or insurance on said premises, and all other sums paid by the undersigned, with interest thereon, pursuant to law and to the terms of said mortgage, and all legal costs, charges and expenses, including an attorney's fee, which premises are described as follows: That certain piece or parcel of land situated in the City of Pontiac, County of Oakland, Michigan, more particularly described as: The West ½ of North 29 feet of Lot Number Twenty-nine (29) and the West ½ of the South 24 feet of Lot Number Twenty-seven (27) of Taylor & Stowell Addition to the City of Pontiac, Oakland County, Michigan, according to the plat thereof recorded in the office of the Register of Deeds for said County in Liber 1 of plats page 12. DATED: May 21st 1936

HOME OWNERS' LOAN CORPORATION

Mortgagee

PELTON & McGEE

Attorneys for Mortgagee

Business Address:

Peoples State Bank Bldg.,

Pontiac, Michigan.

May 28-Aug. 20
